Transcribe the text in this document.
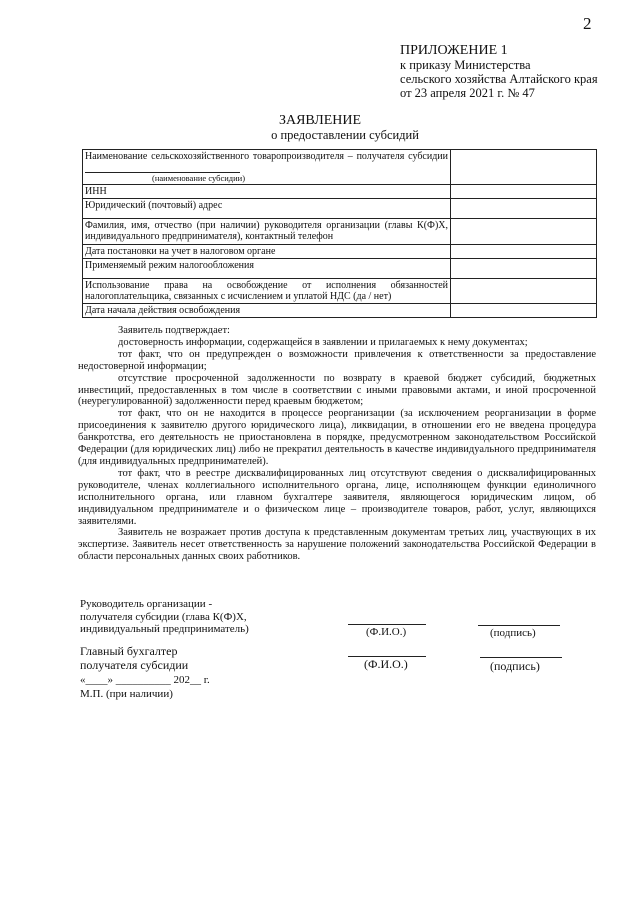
2
ПРИЛОЖЕНИЕ 1
к приказу Министерства
сельского хозяйства Алтайского края
от 23 апреля 2021 г. № 47
ЗАЯВЛЕНИЕ
о предоставлении субсидий
Наименование сельскохозяйственного товаропроизводителя – получателя субсидии
(наименование субсидии)	

ИНН	
Юридический (почтовый) адрес	
Фамилия, имя, отчество (при наличии) руководителя организации (главы К(Ф)Х, индивидуального предпринимателя), контактный телефон	
Дата постановки на учет в налоговом органе	
Применяемый режим налогообложения	
Использование права на освобождение от исполнения обязанностей налогоплательщика, связанных с исчислением и уплатой НДС (да / нет)	
Дата начала действия освобождения	

Заявитель подтверждает:

достоверность информации, содержащейся в заявлении и прилагаемых к нему документах;

тот факт, что он предупрежден о возможности привлечения к ответственности за предоставление недостоверной информации;

отсутствие просроченной задолженности по возврату в краевой бюджет субсидий, бюджетных инвестиций, предоставленных в том числе в соответствии с иными правовыми актами, и иной просроченной (неурегулированной) задолженности перед краевым бюджетом;

тот факт, что он не находится в процессе реорганизации (за исключением реорганизации в форме присоединения к заявителю другого юридического лица), ликвидации, в отношении его не введена процедура банкротства, его деятельность не приостановлена в порядке, предусмотренном законодательством Российской Федерации (для юридических лиц) либо не прекратил деятельность в качестве индивидуального предпринимателя (для индивидуальных предпринимателей).

тот факт, что в реестре дисквалифицированных лиц отсутствуют сведения о дисквалифицированных руководителе, членах коллегиального исполнительного органа, лице, исполняющем функции единоличного исполнительного органа, или главном бухгалтере заявителя, являющегося юридическим лицом, об индивидуальном предпринимателе и о физическом лице – производителе товаров, работ, услуг, являющихся заявителями.

Заявитель не возражает против доступа к представленным документам третьих лиц, участвующих в их экспертизе. Заявитель несет ответственность за нарушение положений законодательства Российской Федерации в области персональных данных своих работников.

Руководитель организации -
получателя субсидии (глава К(Ф)Х,
индивидуальный предприниматель)	(Ф.И.О.)	(подпись)
Главный бухгалтер
получателя субсидии	(Ф.И.О.)	(подпись)
«____» __________ 202__ г.
М.П. (при наличии)
